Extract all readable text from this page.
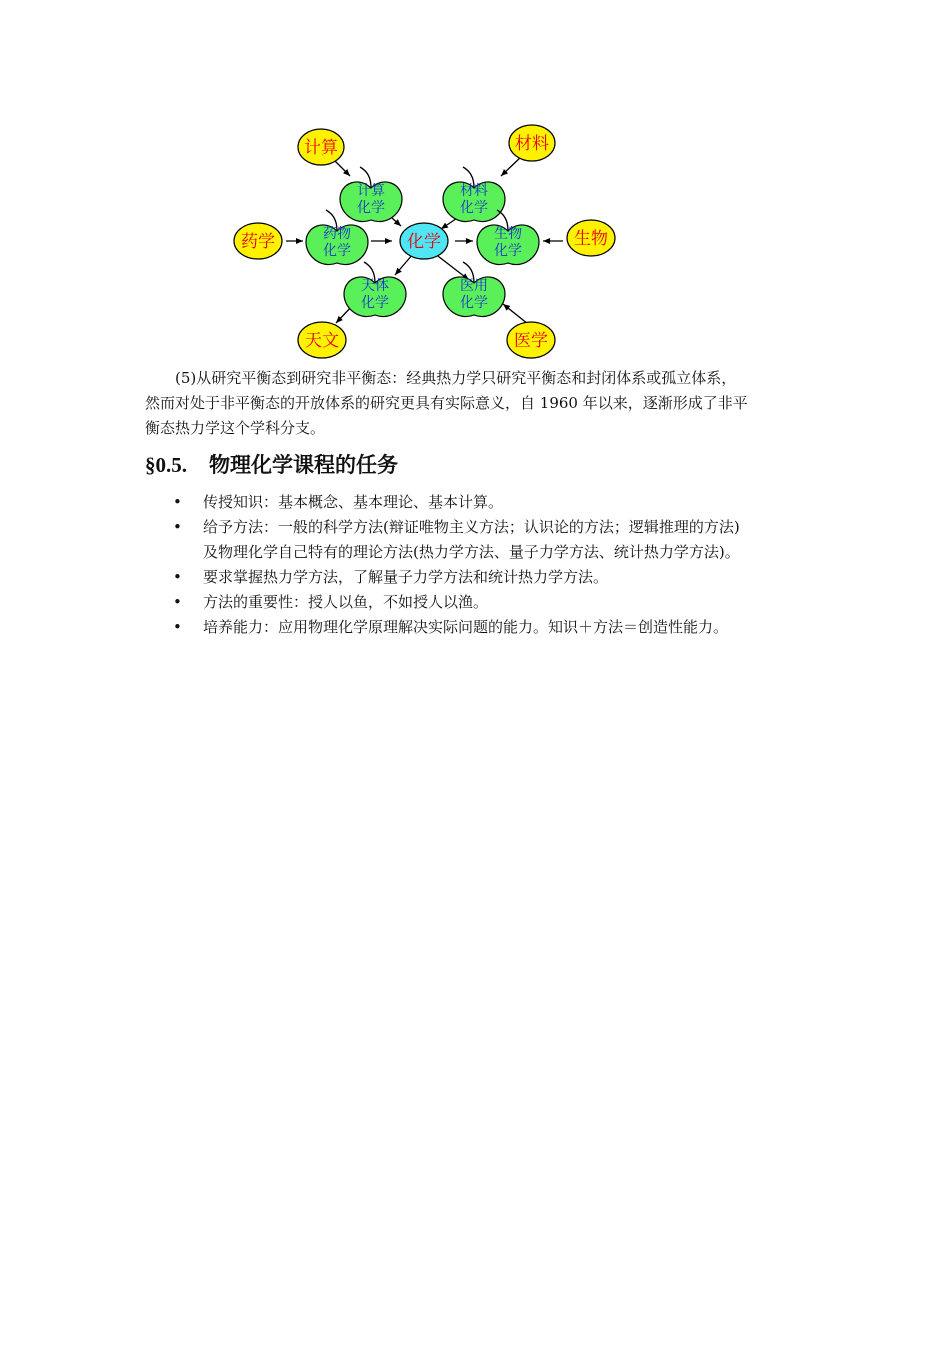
化学
计算
化学
材料
化学
药物
化学
生物
化学
天体
化学
医用
化学
计算	材料
药学	生物
天文	医学

(5)从研究平衡态到研究非平衡态：经典热力学只研究平衡态和封闭体系或孤立体系，
然而对处于非平衡态的开放体系的研究更具有实际意义，自 1960 年以来，逐渐形成了非平
衡态热力学这个学科分支。

§0.5. 物理化学课程的任务
• 传授知识：基本概念、基本理论、基本计算。
• 给予方法：一般的科学方法(辩证唯物主义方法；认识论的方法；逻辑推理的方法)
及物理化学自己特有的理论方法(热力学方法、量子力学方法、统计热力学方法)。
• 要求掌握热力学方法，了解量子力学方法和统计热力学方法。
• 方法的重要性：授人以鱼，不如授人以渔。
• 培养能力：应用物理化学原理解决实际问题的能力。知识＋方法＝创造性能力。
